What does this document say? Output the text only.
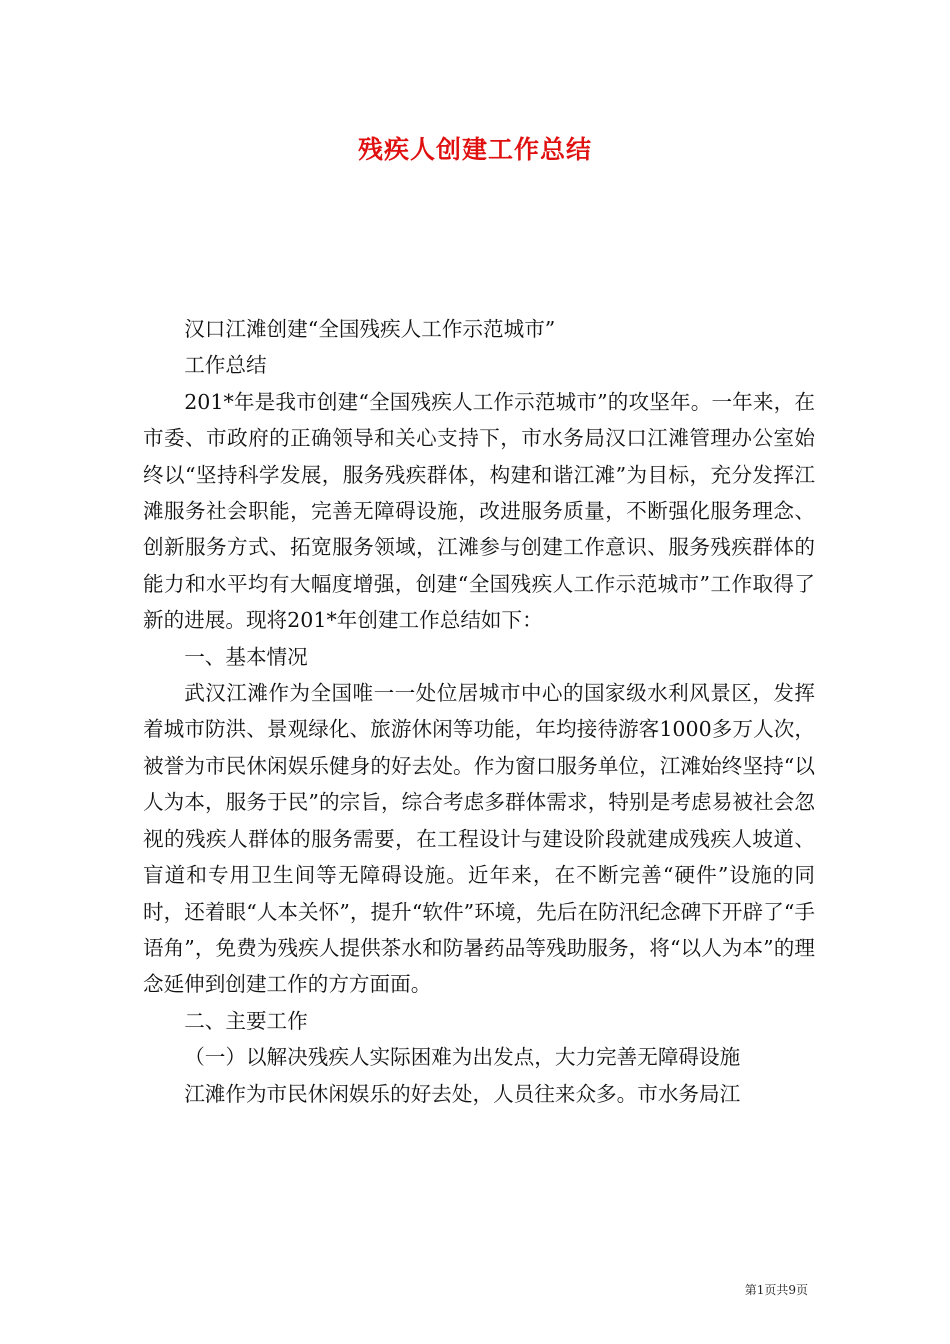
残疾人创建工作总结

汉口江滩创建“全国残疾人工作示范城市”

工作总结

201*年是我市创建“全国残疾人工作示范城市”的攻坚年。一年来，在市委、市政府的正确领导和关心支持下，市水务局汉口江滩管理办公室始终以“坚持科学发展，服务残疾群体，构建和谐江滩”为目标，充分发挥江滩服务社会职能，完善无障碍设施，改进服务质量，不断强化服务理念、创新服务方式、拓宽服务领域，江滩参与创建工作意识、服务残疾群体的能力和水平均有大幅度增强，创建“全国残疾人工作示范城市”工作取得了新的进展。现将201*年创建工作总结如下：

一、基本情况

武汉江滩作为全国唯一一处位居城市中心的国家级水利风景区，发挥着城市防洪、景观绿化、旅游休闲等功能，年均接待游客1000多万人次，被誉为市民休闲娱乐健身的好去处。作为窗口服务单位，江滩始终坚持“以人为本，服务于民”的宗旨，综合考虑多群体需求，特别是考虑易被社会忽视的残疾人群体的服务需要，在工程设计与建设阶段就建成残疾人坡道、盲道和专用卫生间等无障碍设施。近年来，在不断完善“硬件”设施的同时，还着眼“人本关怀”，提升“软件”环境，先后在防汛纪念碑下开辟了“手语角”，免费为残疾人提供茶水和防暑药品等残助服务，将“以人为本”的理念延伸到创建工作的方方面面。

二、主要工作

（一）以解决残疾人实际困难为出发点，大力完善无障碍设施

江滩作为市民休闲娱乐的好去处，人员往来众多。市水务局江

第1页共9页
